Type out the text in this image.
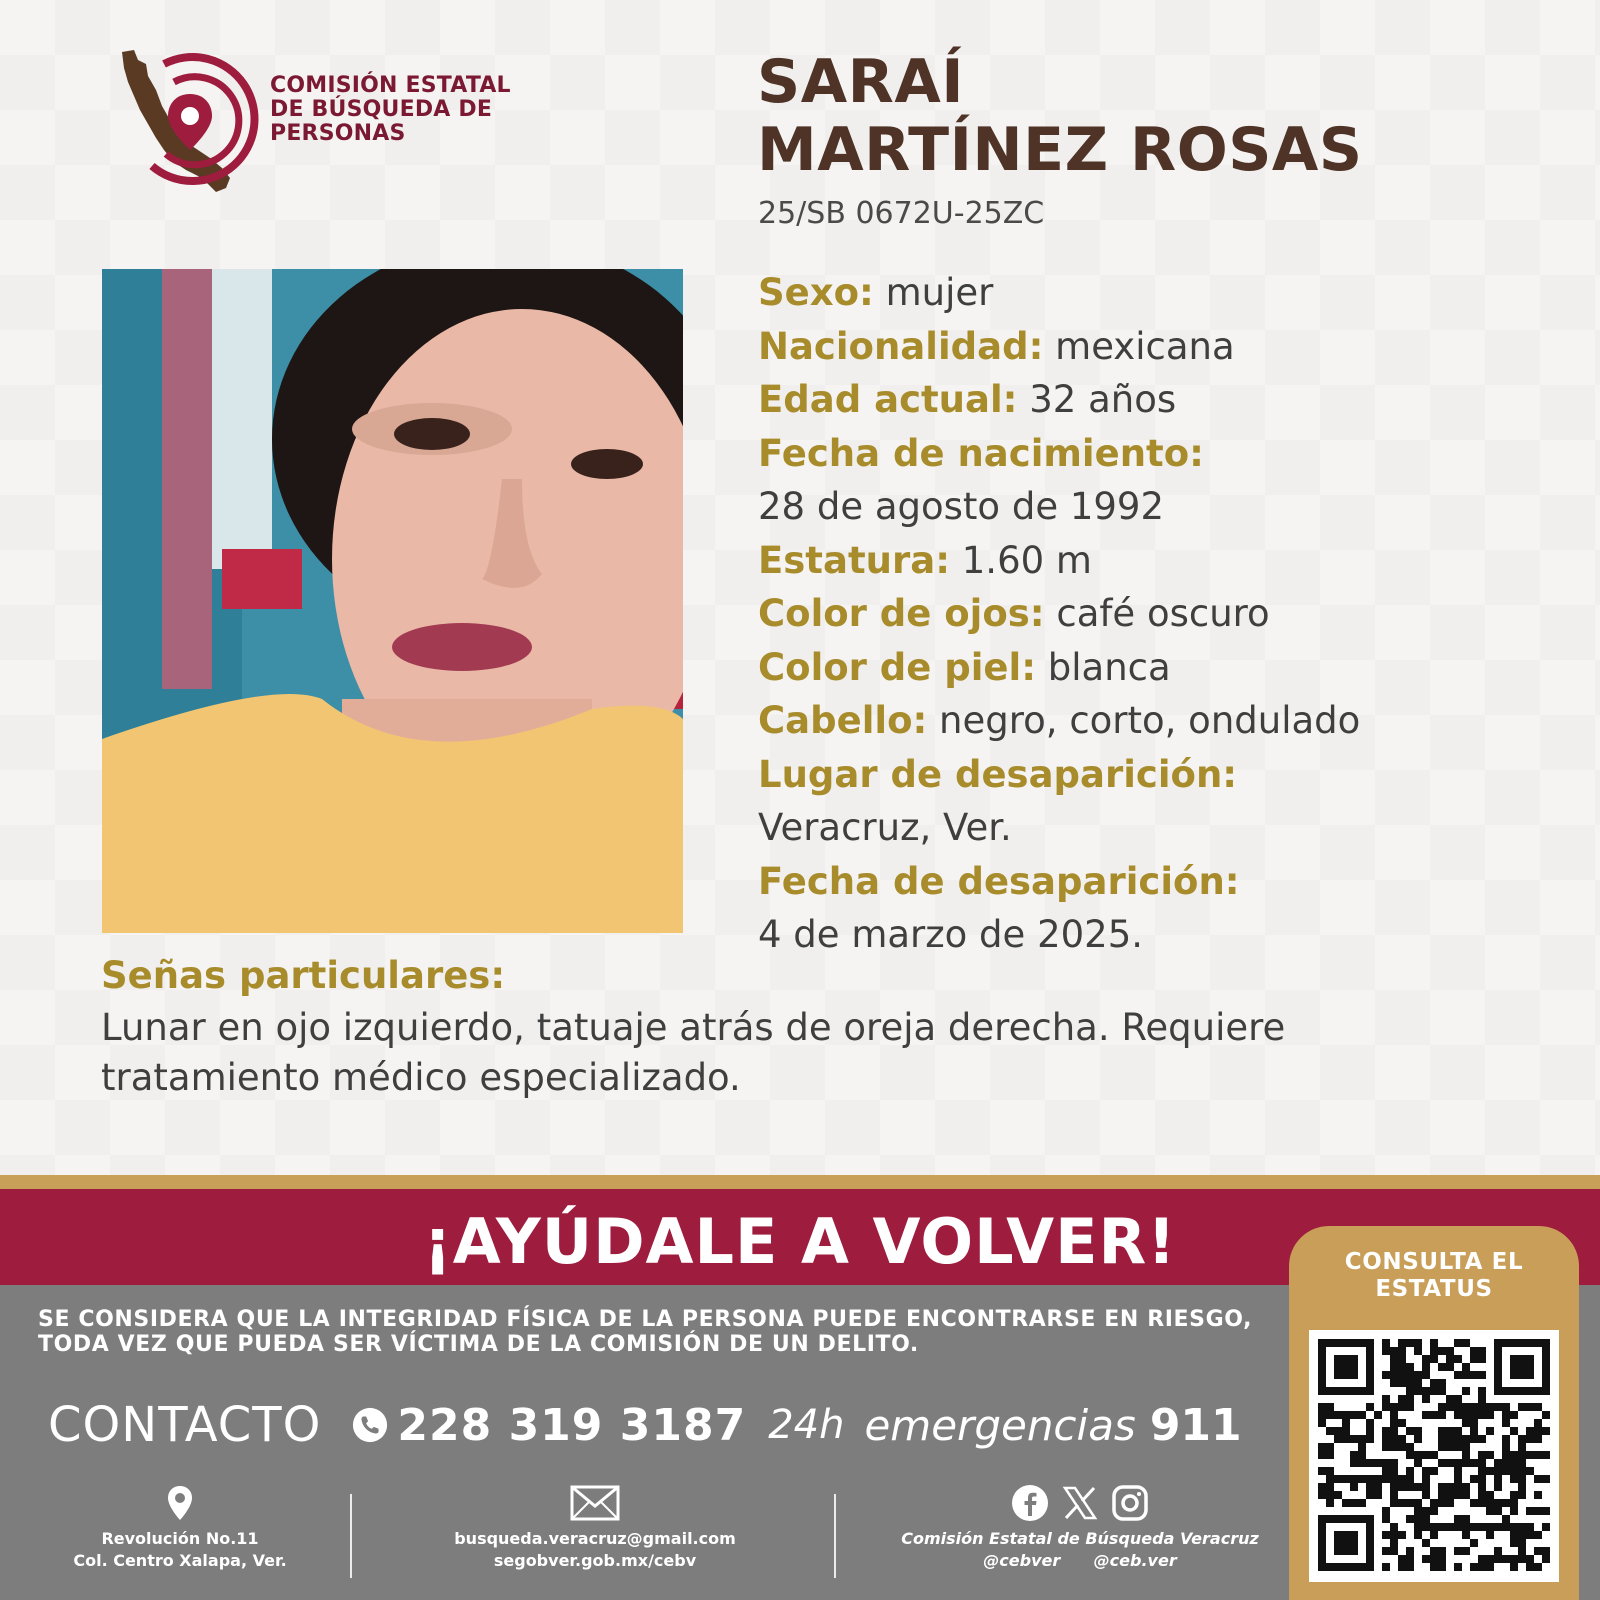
COMISIÓN ESTATAL
DE BÚSQUEDA DE
PERSONAS
SARAÍ
MARTÍNEZ ROSAS
25/SB 0672U-25ZC
Sexo: mujer
Nacionalidad: mexicana
Edad actual: 32 años
Fecha de nacimiento:
28 de agosto de 1992
Estatura: 1.60 m
Color de ojos: café oscuro
Color de piel: blanca
Cabello: negro, corto, ondulado
Lugar de desaparición:
Veracruz, Ver.
Fecha de desaparición:
4 de marzo de 2025.
Señas particulares:
Lunar en ojo izquierdo, tatuaje atrás de oreja derecha. Requiere tratamiento médico especializado.
¡AYÚDALE A VOLVER!
SE CONSIDERA QUE LA INTEGRIDAD FÍSICA DE LA PERSONA PUEDE ENCONTRARSE EN RIESGO, TODA VEZ QUE PUEDA SER VÍCTIMA DE LA COMISIÓN DE UN DELITO.
CONTACTO 228 319 3187 24h emergencias 911
Revolución No.11
Col. Centro Xalapa, Ver.
busqueda.veracruz@gmail.com
segobver.gob.mx/cebv
Comisión Estatal de Búsqueda Veracruz
@cebver @ceb.ver
CONSULTA EL
ESTATUS
